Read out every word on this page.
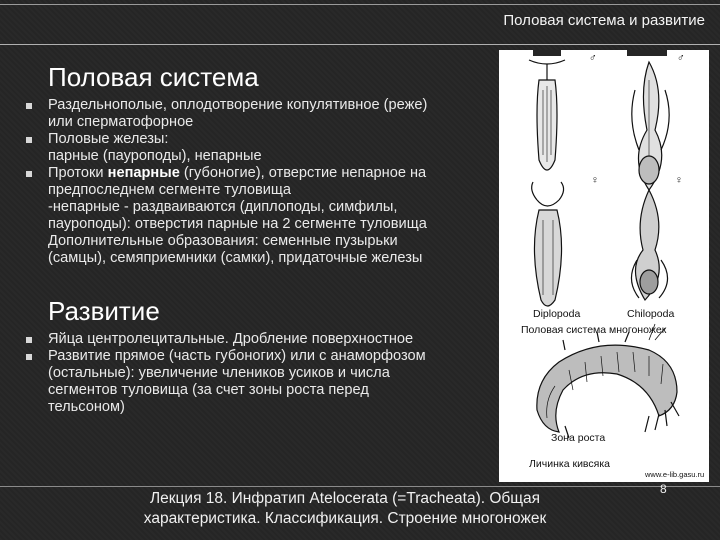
Половая система и развитие
Половая система
Раздельнополые, оплодотворение копулятивное (реже)
или сперматофорное
Половые железы:
парные (пауроподы), непарные
Протоки непарные (губоногие), отверстие непарное на
предпоследнем сегменте туловища
-непарные - раздваиваются (диплоподы, симфилы,
пауроподы): отверстия парные на 2 сегменте туловища
Дополнительные образования: семенные пузырьки
(самцы), семяприемники (самки), придаточные железы
Развитие
Яйца центролецитальные. Дробление поверхностное
Развитие прямое (часть губоногих) или с анаморфозом
(остальные): увеличение члеников усиков и числа
сегментов туловища (за счет зоны роста перед
тельсоном)
♂	♂
♀	♀
Diplopoda	Chilopoda
Половая система многоножек
Зона роста
Личинка кивсяка
www.e-lib.gasu.ru
Лекция 18. Инфратип Atelocerata (=Tracheata). Общая
характеристика. Классификация. Строение многоножек
8
